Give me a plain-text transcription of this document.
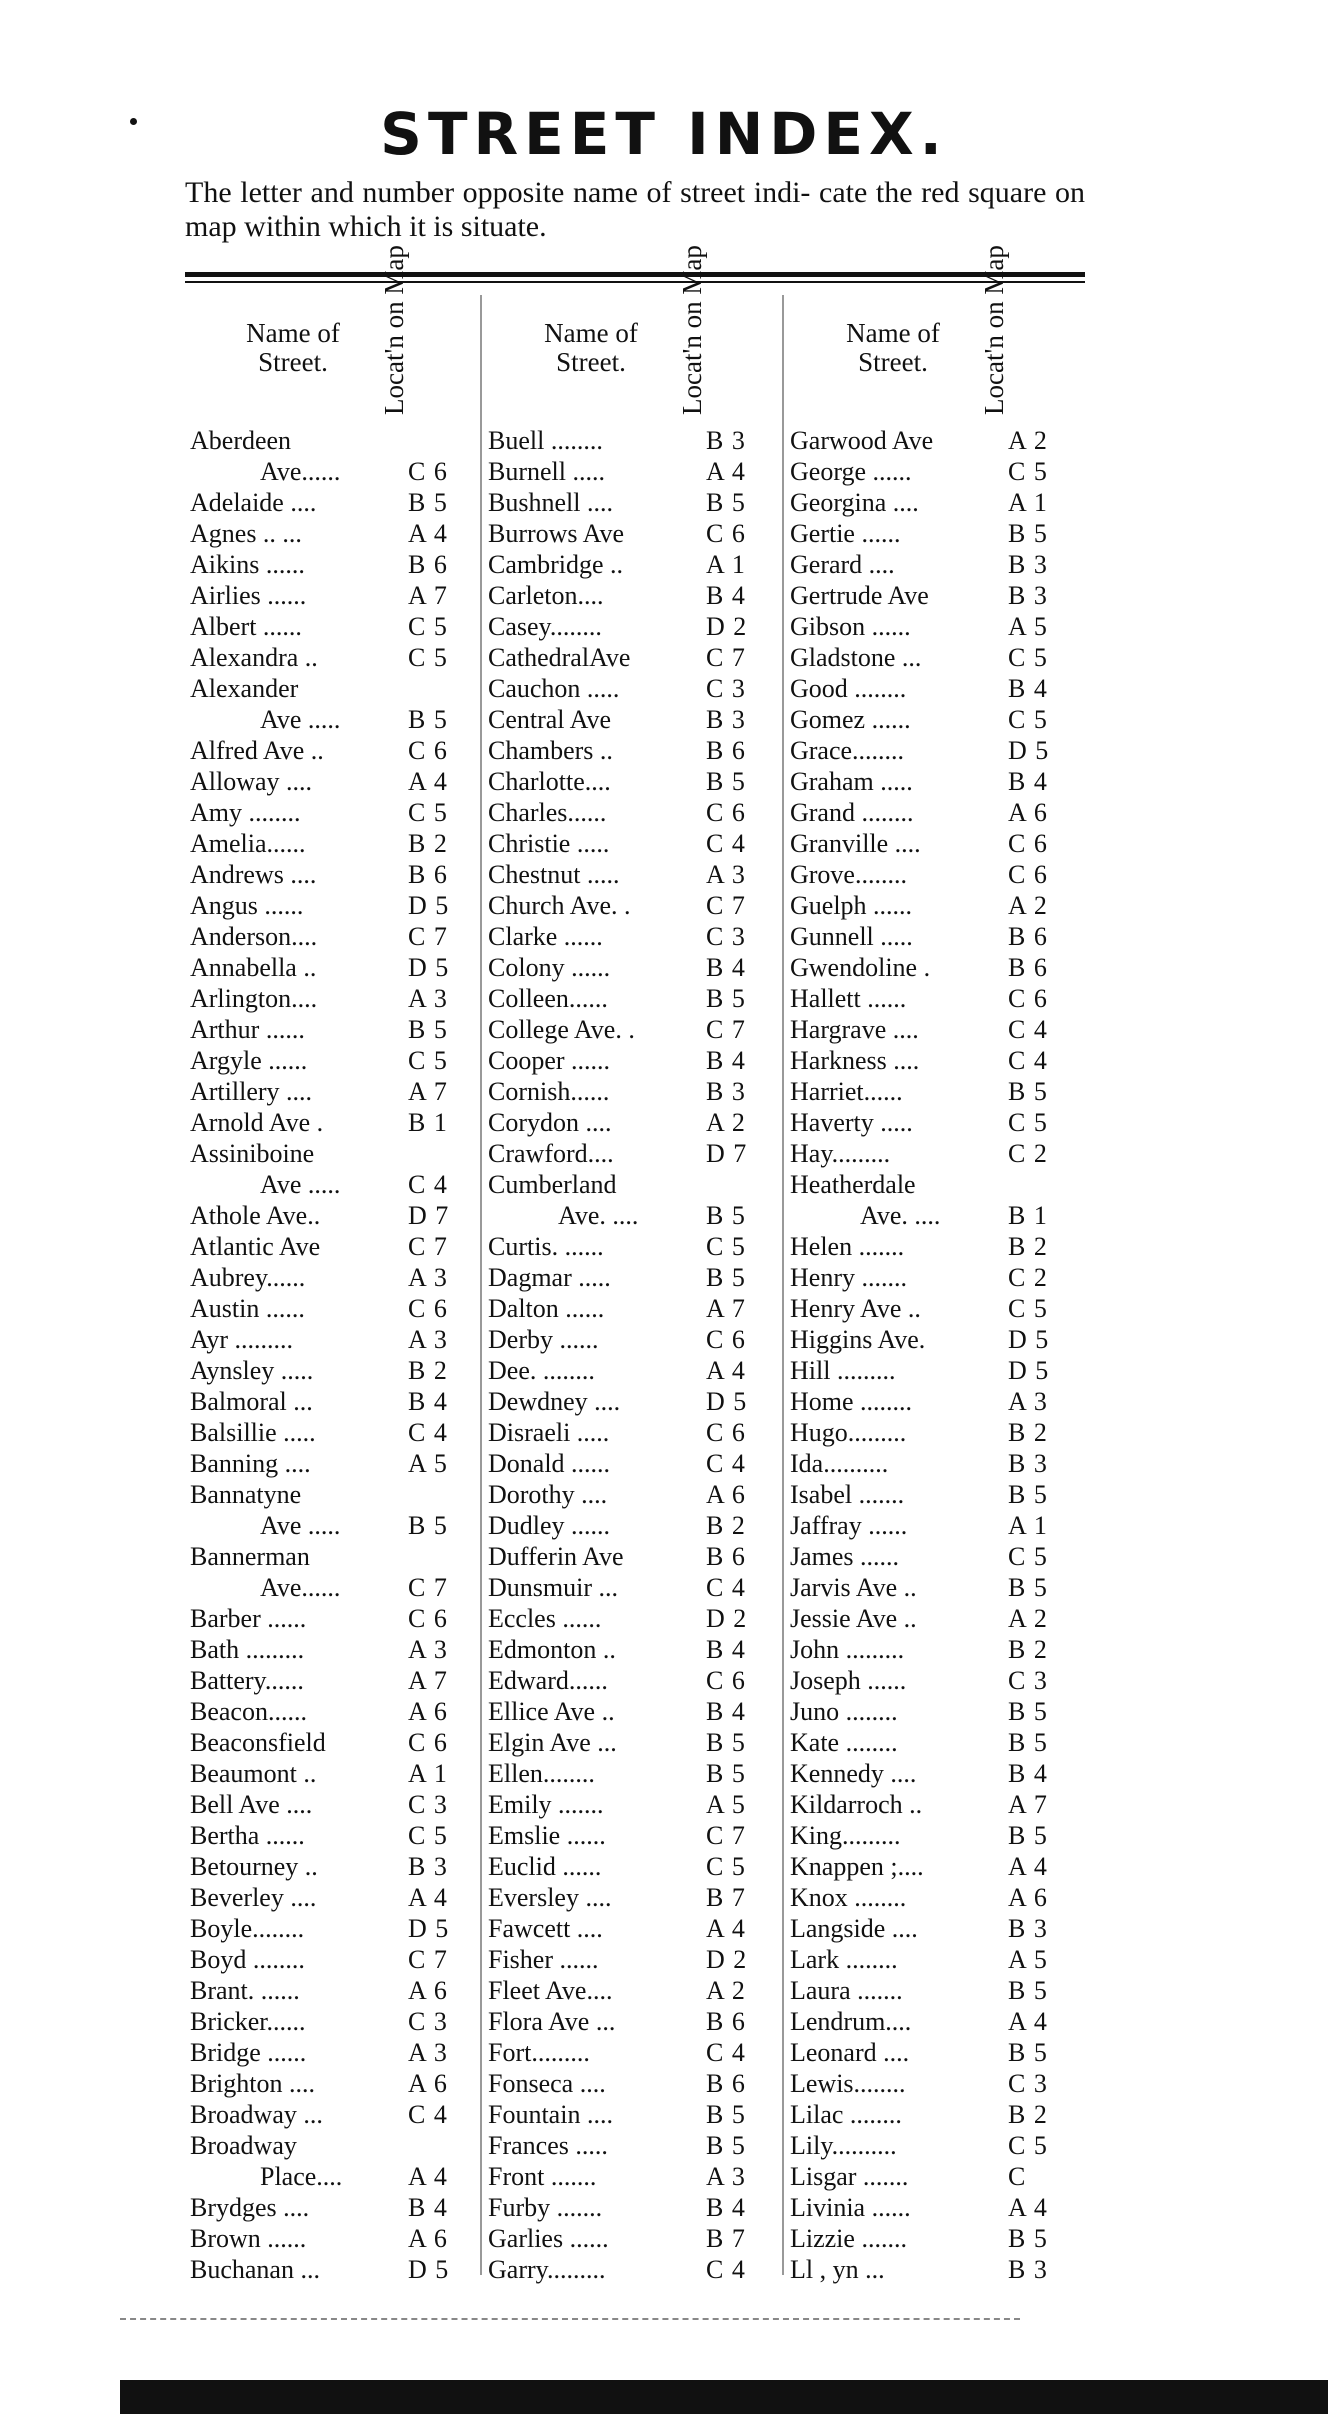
STREET INDEX.
The letter and number opposite name of street indi- cate the red square on map within which it is situate.
Name of Street.	Locat'n on Map
Aberdeen
Ave......	C 6
Adelaide ....	B 5
Agnes .. ...	A 4
Aikins ......	B 6
Airlies ......	A 7
Albert ......	C 5
Alexandra ..	C 5
Alexander
Ave .....	B 5
Alfred Ave ..	C 6
Alloway ....	A 4
Amy ........	C 5
Amelia......	B 2
Andrews ....	B 6
Angus ......	D 5
Anderson....	C 7
Annabella ..	D 5
Arlington....	A 3
Arthur ......	B 5
Argyle ......	C 5
Artillery ....	A 7
Arnold Ave .	B 1
Assiniboine
Ave .....	C 4
Athole Ave..	D 7
Atlantic Ave	C 7
Aubrey......	A 3
Austin ......	C 6
Ayr .........	A 3
Aynsley .....	B 2
Balmoral ...	B 4
Balsillie .....	C 4
Banning ....	A 5
Bannatyne
Ave .....	B 5
Bannerman
Ave......	C 7
Barber ......	C 6
Bath .........	A 3
Battery......	A 7
Beacon......	A 6
Beaconsfield	C 6
Beaumont ..	A 1
Bell Ave ....	C 3
Bertha ......	C 5
Betourney ..	B 3
Beverley ....	A 4
Boyle........	D 5
Boyd ........	C 7
Brant. ......	A 6
Bricker......	C 3
Bridge ......	A 3
Brighton ....	A 6
Broadway ...	C 4
Broadway
Place....	A 4
Brydges ....	B 4
Brown ......	A 6
Buchanan ...	D 5
Name of Street.	Locat'n on Map
Buell ........	B 3
Burnell .....	A 4
Bushnell ....	B 5
Burrows Ave	C 6
Cambridge ..	A 1
Carleton....	B 4
Casey........	D 2
CathedralAve	C 7
Cauchon .....	C 3
Central Ave	B 3
Chambers ..	B 6
Charlotte....	B 5
Charles......	C 6
Christie .....	C 4
Chestnut .....	A 3
Church Ave. .	C 7
Clarke ......	C 3
Colony ......	B 4
Colleen......	B 5
College Ave. .	C 7
Cooper ......	B 4
Cornish......	B 3
Corydon ....	A 2
Crawford....	D 7
Cumberland
Ave. ....	B 5
Curtis. ......	C 5
Dagmar .....	B 5
Dalton ......	A 7
Derby ......	C 6
Dee. ........	A 4
Dewdney ....	D 5
Disraeli .....	C 6
Donald ......	C 4
Dorothy ....	A 6
Dudley ......	B 2
Dufferin Ave	B 6
Dunsmuir ...	C 4
Eccles ......	D 2
Edmonton ..	B 4
Edward......	C 6
Ellice Ave ..	B 4
Elgin Ave ...	B 5
Ellen........	B 5
Emily .......	A 5
Emslie ......	C 7
Euclid ......	C 5
Eversley ....	B 7
Fawcett ....	A 4
Fisher ......	D 2
Fleet Ave....	A 2
Flora Ave ...	B 6
Fort.........	C 4
Fonseca ....	B 6
Fountain ....	B 5
Frances .....	B 5
Front .......	A 3
Furby .......	B 4
Garlies ......	B 7
Garry.........	C 4
Name of Street.	Locat'n on Map
Garwood Ave	A 2
George ......	C 5
Georgina ....	A 1
Gertie ......	B 5
Gerard ....	B 3
Gertrude Ave	B 3
Gibson ......	A 5
Gladstone ...	C 5
Good ........	B 4
Gomez ......	C 5
Grace........	D 5
Graham .....	B 4
Grand ........	A 6
Granville ....	C 6
Grove........	C 6
Guelph ......	A 2
Gunnell .....	B 6
Gwendoline .	B 6
Hallett ......	C 6
Hargrave ....	C 4
Harkness ....	C 4
Harriet......	B 5
Haverty .....	C 5
Hay.........	C 2
Heatherdale
Ave. ....	B 1
Helen .......	B 2
Henry .......	C 2
Henry Ave ..	C 5
Higgins Ave.	D 5
Hill .........	D 5
Home ........	A 3
Hugo.........	B 2
Ida..........	B 3
Isabel .......	B 5
Jaffray ......	A 1
James ......	C 5
Jarvis Ave ..	B 5
Jessie Ave ..	A 2
John .........	B 2
Joseph ......	C 3
Juno ........	B 5
Kate ........	B 5
Kennedy ....	B 4
Kildarroch ..	A 7
King.........	B 5
Knappen ;....	A 4
Knox ........	A 6
Langside ....	B 3
Lark ........	A 5
Laura .......	B 5
Lendrum....	A 4
Leonard ....	B 5
Lewis........	C 3
Lilac ........	B 2
Lily..........	C 5
Lisgar .......	C
Livinia ......	A 4
Lizzie .......	B 5
Ll , yn ...	B 3
